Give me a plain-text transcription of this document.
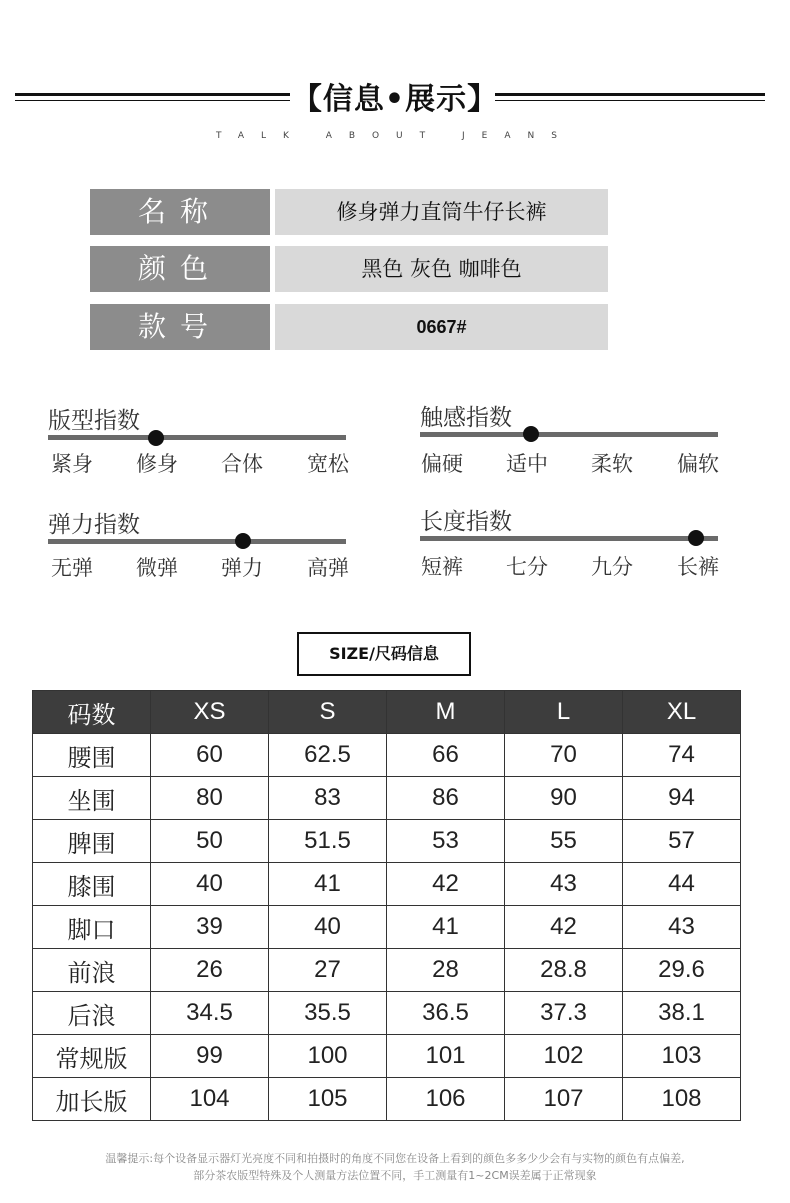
【信息•展示】
TALK ABOUT JEANS
名称	修身弹力直筒牛仔长裤
颜色	黑色 灰色 咖啡色
款号	0667#
版型指数
紧身	修身	合体	宽松
触感指数
偏硬	适中	柔软	偏软
弹力指数
无弹	微弹	弹力	高弹
长度指数
短裤	七分	九分	长裤
SIZE/尺码信息
码数	XS	S	M	L	XL
腰围	60	62.5	66	70	74
坐围	80	83	86	90	94
脾围	50	51.5	53	55	57
膝围	40	41	42	43	44
脚口	39	40	41	42	43
前浪	26	27	28	28.8	29.6
后浪	34.5	35.5	36.5	37.3	38.1
常规版	99	100	101	102	103
加长版	104	105	106	107	108
温馨提示:每个设备显示器灯光亮度不同和拍摄时的角度不同您在设备上看到的颜色多多少少会有与实物的颜色有点偏差,
部分茶农版型特殊及个人测量方法位置不同，手工测量有1~2CM误差属于正常现象
